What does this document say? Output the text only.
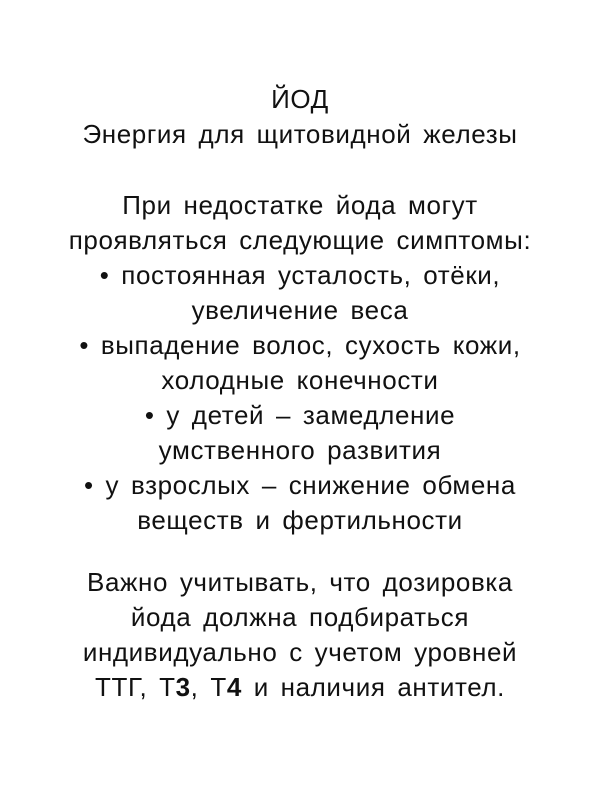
ЙОД
Энергия для щитовидной железы
При недостатке йода могут
проявляться следующие симптомы:
• постоянная усталость, отёки,
увеличение веса
• выпадение волос, сухость кожи,
холодные конечности
• у детей – замедление
умственного развития
• у взрослых – снижение обмена
веществ и фертильности
Важно учитывать, что дозировка
йода должна подбираться
индивидуально с учетом уровней
ТТГ, Т3, Т4 и наличия антител.
